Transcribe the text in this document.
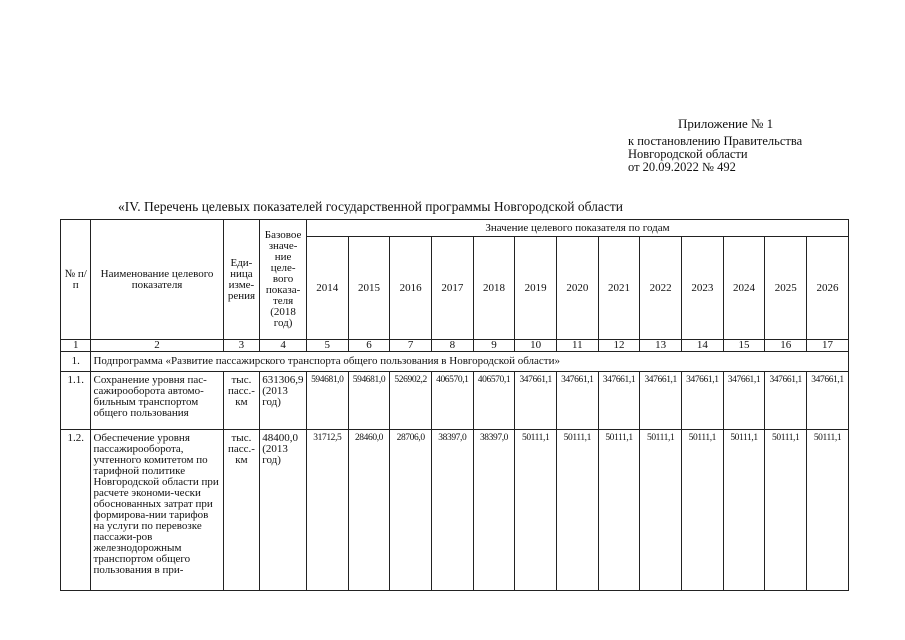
Приложение № 1
к постановлению Правительства
Новгородской области
от 20.09.2022 № 492
«IV. Перечень целевых показателей государственной программы Новгородской области
№ п/п	Наименование целевого показателя	Еди-ница изме-рения	Базовое значе-ние целе-вого показа-теля (2018 год)	Значение целевого показателя по годам												
				2014	2015	2016	2017	2018	2019	2020	2021	2022	2023	2024	2025	2026
1	2	3	4	5	6	7	8	9	10	11	12	13	14	15	16	17
1.	Подпрограмма «Развитие пассажирского транспорта общего пользования в Новгородской области»															
1.1.	Сохранение уровня пас-сажирооборота автомо-бильным транспортом общего пользования	тыс. пасс.-км	631306,9 (2013 год)	594681,0	594681,0	526902,2	406570,1	406570,1	347661,1	347661,1	347661,1	347661,1	347661,1	347661,1	347661,1	347661,1
1.2.	Обеспечение уровня пассажирооборота, учтенного комитетом по тарифной политике Новгородской области при расчете экономи-чески обоснованных затрат при формирова-нии тарифов на услуги по перевозке пассажи-ров железнодорожным транспортом общего пользования в при-	тыс. пасс.-км	48400,0 (2013 год)	31712,5	28460,0	28706,0	38397,0	38397,0	50111,1	50111,1	50111,1	50111,1	50111,1	50111,1	50111,1	50111,1
